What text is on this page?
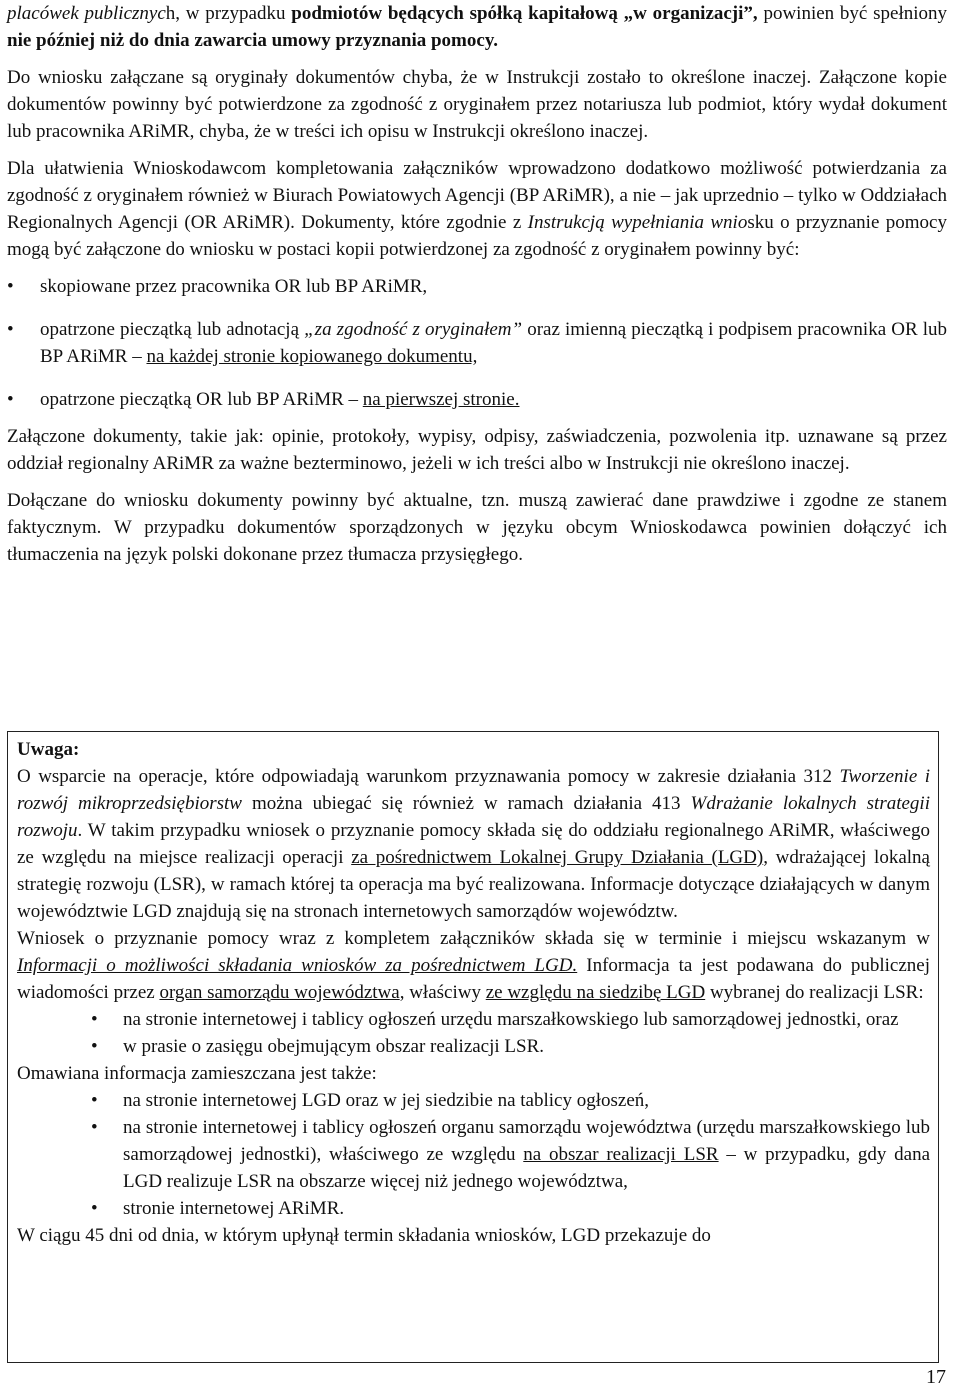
placówek publicznych, w przypadku podmiotów będących spółką kapitałową „w organizacji”, powinien być spełniony nie później niż do dnia zawarcia umowy przyznania pomocy.

Do wniosku załączane są oryginały dokumentów chyba, że w Instrukcji zostało to określone inaczej. Załączone kopie dokumentów powinny być potwierdzone za zgodność z oryginałem przez notariusza lub podmiot, który wydał dokument lub pracownika ARiMR, chyba, że w treści ich opisu w Instrukcji określono inaczej.

Dla ułatwienia Wnioskodawcom kompletowania załączników wprowadzono dodatkowo możliwość potwierdzania za zgodność z oryginałem również w Biurach Powiatowych Agencji (BP ARiMR), a nie – jak uprzednio – tylko w Oddziałach Regionalnych Agencji (OR ARiMR). Dokumenty, które zgodnie z Instrukcją wypełniania wniosku o przyznanie pomocy mogą być załączone do wniosku w postaci kopii potwierdzonej za zgodność z oryginałem powinny być:

• skopiowane przez pracownika OR lub BP ARiMR,
• opatrzone pieczątką lub adnotacją „za zgodność z oryginałem” oraz imienną pieczątką i podpisem pracownika OR lub BP ARiMR – na każdej stronie kopiowanego dokumentu,
• opatrzone pieczątką OR lub BP ARiMR – na pierwszej stronie.

Załączone dokumenty, takie jak: opinie, protokoły, wypisy, odpisy, zaświadczenia, pozwolenia itp. uznawane są przez oddział regionalny ARiMR za ważne bezterminowo, jeżeli w ich treści albo w Instrukcji nie określono inaczej.

Dołączane do wniosku dokumenty powinny być aktualne, tzn. muszą zawierać dane prawdziwe i zgodne ze stanem faktycznym. W przypadku dokumentów sporządzonych w języku obcym Wnioskodawca powinien dołączyć ich tłumaczenia na język polski dokonane przez tłumacza przysięgłego.

Uwaga:

O wsparcie na operacje, które odpowiadają warunkom przyznawania pomocy w zakresie działania 312 Tworzenie i rozwój mikroprzedsiębiorstw można ubiegać się również w ramach działania 413 Wdrażanie lokalnych strategii rozwoju. W takim przypadku wniosek o przyznanie pomocy składa się do oddziału regionalnego ARiMR, właściwego ze względu na miejsce realizacji operacji za pośrednictwem Lokalnej Grupy Działania (LGD), wdrażającej lokalną strategię rozwoju (LSR), w ramach której ta operacja ma być realizowana. Informacje dotyczące działających w danym województwie LGD znajdują się na stronach internetowych samorządów województw.

Wniosek o przyznanie pomocy wraz z kompletem załączników składa się w terminie i miejscu wskazanym w Informacji o możliwości składania wniosków za pośrednictwem LGD. Informacja ta jest podawana do publicznej wiadomości przez organ samorządu województwa, właściwy ze względu na siedzibę LGD wybranej do realizacji LSR:

• na stronie internetowej i tablicy ogłoszeń urzędu marszałkowskiego lub samorządowej jednostki, oraz
• w prasie o zasięgu obejmującym obszar realizacji LSR.

Omawiana informacja zamieszczana jest także:

• na stronie internetowej LGD oraz w jej siedzibie na tablicy ogłoszeń,
• na stronie internetowej i tablicy ogłoszeń organu samorządu województwa (urzędu marszałkowskiego lub samorządowej jednostki), właściwego ze względu na obszar realizacji LSR – w przypadku, gdy dana LGD realizuje LSR na obszarze więcej niż jednego województwa,
• stronie internetowej ARiMR.

W ciągu 45 dni od dnia, w którym upłynął termin składania wniosków, LGD przekazuje do

17
